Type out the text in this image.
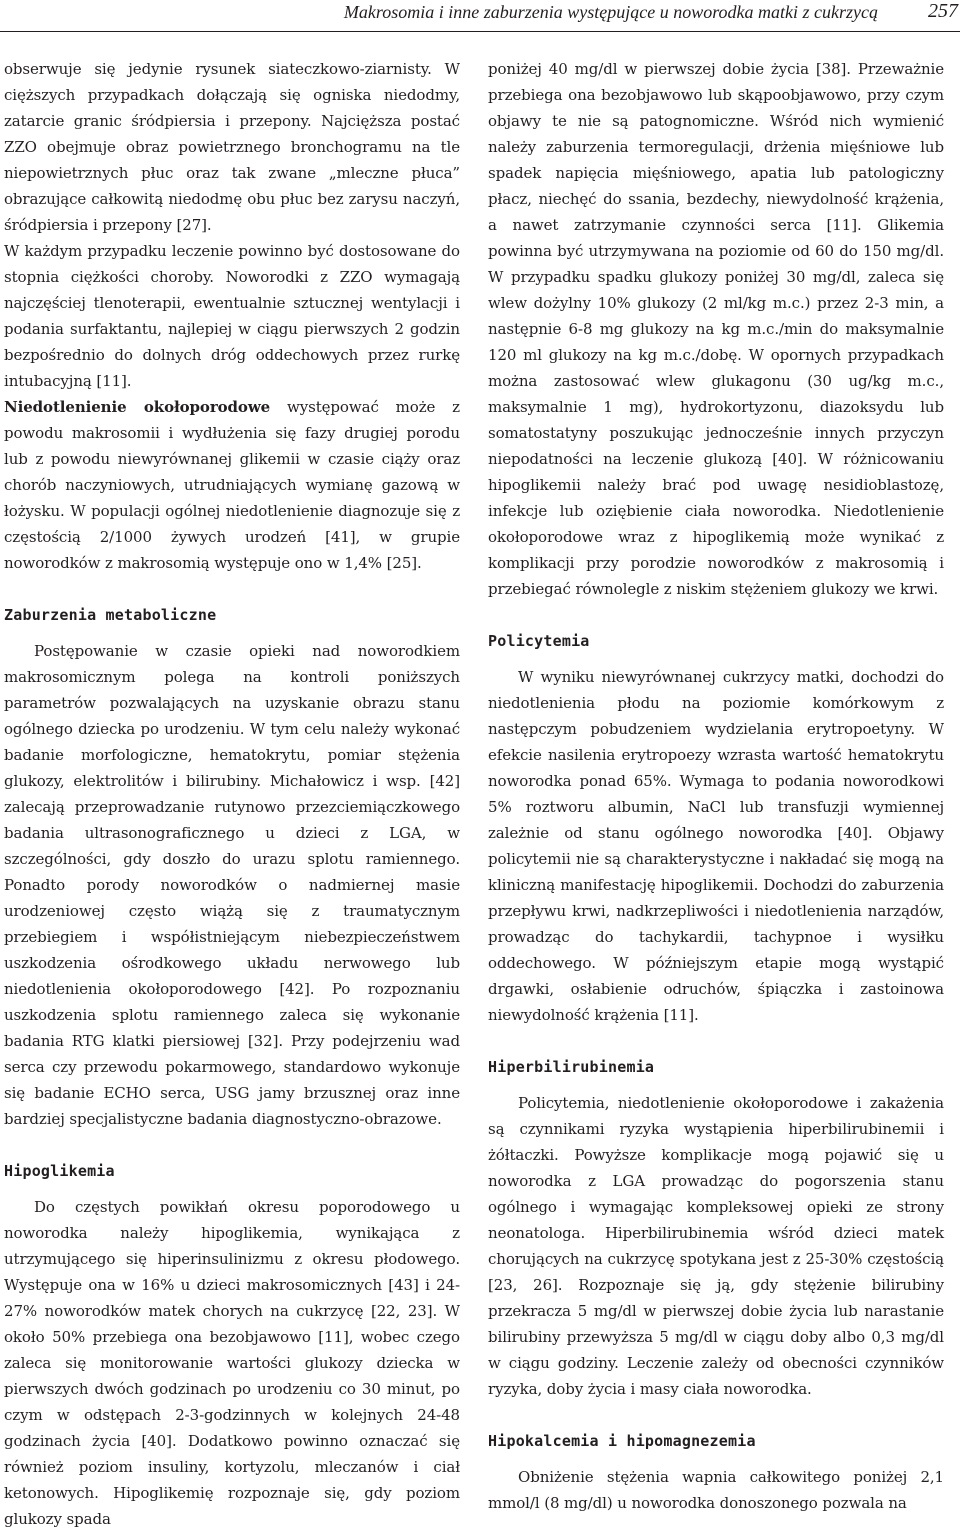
Makrosomia i inne zaburzenia występujące u noworodka matki z cukrzycą	257

obserwuje się jedynie rysunek siateczkowo-ziarnisty. W cięższych przypadkach dołączają się ogniska niedodmy, zatarcie granic śródpiersia i przepony. Najcięższa postać ZZO obejmuje obraz powietrznego bronchogramu na tle niepowietrznych płuc oraz tak zwane „mleczne płuca” obrazujące całkowitą niedodmę obu płuc bez zarysu naczyń, śródpiersia i przepony [27].

W każdym przypadku leczenie powinno być dostosowane do stopnia ciężkości choroby. Noworodki z ZZO wymagają najczęściej tlenoterapii, ewentualnie sztucznej wentylacji i podania surfaktantu, najlepiej w ciągu pierwszych 2 godzin bezpośrednio do dolnych dróg oddechowych przez rurkę intubacyjną [11].

Niedotlenienie okołoporodowe występować może z powodu makrosomii i wydłużenia się fazy drugiej porodu lub z powodu niewyrównanej glikemii w czasie ciąży oraz chorób naczyniowych, utrudniających wymianę gazową w łożysku. W populacji ogólnej niedotlenienie diagnozuje się z częstością 2/1000 żywych urodzeń [41], w grupie noworodków z makrosomią występuje ono w 1,4% [25].

Zaburzenia metaboliczne

Postępowanie w czasie opieki nad noworodkiem makrosomicznym polega na kontroli poniższych parametrów pozwalających na uzyskanie obrazu stanu ogólnego dziecka po urodzeniu. W tym celu należy wykonać badanie morfologiczne, hematokrytu, pomiar stężenia glukozy, elektrolitów i bilirubiny. Michałowicz i wsp. [42] zalecają przeprowadzanie rutynowo przezciemiączkowego badania ultrasonograficznego u dzieci z LGA, w szczególności, gdy doszło do urazu splotu ramiennego. Ponadto porody noworodków o nadmiernej masie urodzeniowej często wiążą się z traumatycznym przebiegiem i współistniejącym niebezpieczeństwem uszkodzenia ośrodkowego układu nerwowego lub niedotlenienia okołoporodowego [42]. Po rozpoznaniu uszkodzenia splotu ramiennego zaleca się wykonanie badania RTG klatki piersiowej [32]. Przy podejrzeniu wad serca czy przewodu pokarmowego, standardowo wykonuje się badanie ECHO serca, USG jamy brzusznej oraz inne bardziej specjalistyczne badania diagnostyczno-obrazowe.

Hipoglikemia

Do częstych powikłań okresu poporodowego u noworodka należy hipoglikemia, wynikająca z utrzymującego się hiperinsulinizmu z okresu płodowego. Występuje ona w 16% u dzieci makrosomicznych [43] i 24-27% noworodków matek chorych na cukrzycę [22, 23]. W około 50% przebiega ona bezobjawowo [11], wobec czego zaleca się monitorowanie wartości glukozy dziecka w pierwszych dwóch godzinach po urodzeniu co 30 minut, po czym w odstępach 2-3-godzinnych w kolejnych 24-48 godzinach życia [40]. Dodatkowo powinno oznaczać się również poziom insuliny, kortyzolu, mleczanów i ciał ketonowych. Hipoglikemię rozpoznaje się, gdy poziom glukozy spada

poniżej 40 mg/dl w pierwszej dobie życia [38]. Przeważnie przebiega ona bezobjawowo lub skąpoobjawowo, przy czym objawy te nie są patognomiczne. Wśród nich wymienić należy zaburzenia termoregulacji, drżenia mięśniowe lub spadek napięcia mięśniowego, apatia lub patologiczny płacz, niechęć do ssania, bezdechy, niewydolność krążenia, a nawet zatrzymanie czynności serca [11]. Glikemia powinna być utrzymywana na poziomie od 60 do 150 mg/dl. W przypadku spadku glukozy poniżej 30 mg/dl, zaleca się wlew dożylny 10% glukozy (2 ml/kg m.c.) przez 2-3 min, a następnie 6-8 mg glukozy na kg m.c./min do maksymalnie 120 ml glukozy na kg m.c./dobę. W opornych przypadkach można zastosować wlew glukagonu (30 ug/kg m.c., maksymalnie 1 mg), hydrokortyzonu, diazoksydu lub somatostatyny poszukując jednocześnie innych przyczyn niepodatności na leczenie glukozą [40]. W różnicowaniu hipoglikemii należy brać pod uwagę nesidioblastozę, infekcje lub oziębienie ciała noworodka. Niedotlenienie okołoporodowe wraz z hipoglikemią może wynikać z komplikacji przy porodzie noworodków z makrosomią i przebiegać równolegle z niskim stężeniem glukozy we krwi.

Policytemia

W wyniku niewyrównanej cukrzycy matki, dochodzi do niedotlenienia płodu na poziomie komórkowym z następczym pobudzeniem wydzielania erytropoetyny. W efekcie nasilenia erytropoezy wzrasta wartość hematokrytu noworodka ponad 65%. Wymaga to podania noworodkowi 5% roztworu albumin, NaCl lub transfuzji wymiennej zależnie od stanu ogólnego noworodka [40]. Objawy policytemii nie są charakterystyczne i nakładać się mogą na kliniczną manifestację hipoglikemii. Dochodzi do zaburzenia przepływu krwi, nadkrzepliwości i niedotlenienia narządów, prowadząc do tachykardii, tachypnoe i wysiłku oddechowego. W późniejszym etapie mogą wystąpić drgawki, osłabienie odruchów, śpiączka i zastoinowa niewydolność krążenia [11].

Hiperbilirubinemia

Policytemia, niedotlenienie okołoporodowe i zakażenia są czynnikami ryzyka wystąpienia hiperbilirubinemii i żółtaczki. Powyższe komplikacje mogą pojawić się u noworodka z LGA prowadząc do pogorszenia stanu ogólnego i wymagając kompleksowej opieki ze strony neonatologa. Hiperbilirubinemia wśród dzieci matek chorujących na cukrzycę spotykana jest z 25-30% częstością [23, 26]. Rozpoznaje się ją, gdy stężenie bilirubiny przekracza 5 mg/dl w pierwszej dobie życia lub narastanie bilirubiny przewyższa 5 mg/dl w ciągu doby albo 0,3 mg/dl w ciągu godziny. Leczenie zależy od obecności czynników ryzyka, doby życia i masy ciała noworodka.

Hipokalcemia i hipomagnezemia

Obniżenie stężenia wapnia całkowitego poniżej 2,1 mmol/l (8 mg/dl) u noworodka donoszonego pozwala na
